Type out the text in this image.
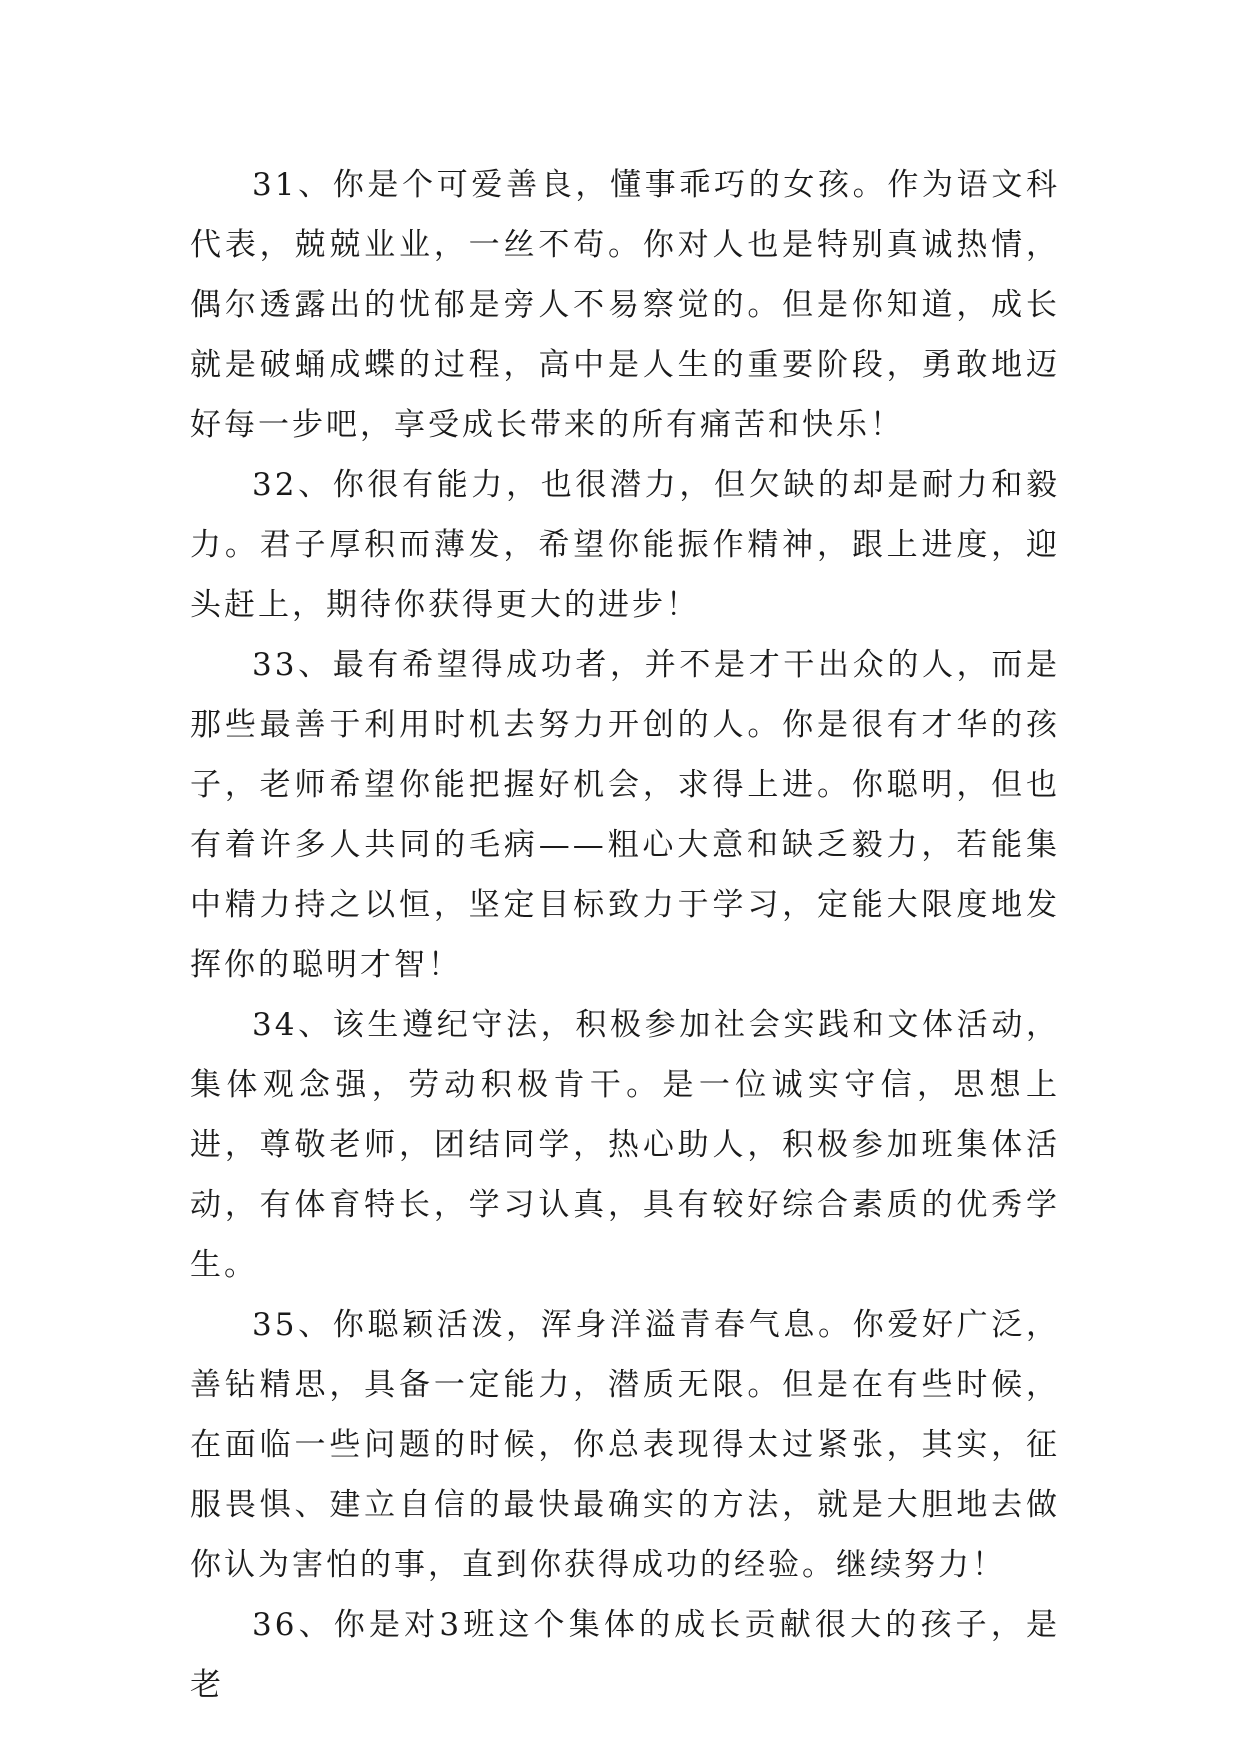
31、你是个可爱善良，懂事乖巧的女孩。作为语文科代表，兢兢业业，一丝不苟。你对人也是特别真诚热情，偶尔透露出的忧郁是旁人不易察觉的。但是你知道，成长就是破蛹成蝶的过程，高中是人生的重要阶段，勇敢地迈好每一步吧，享受成长带来的所有痛苦和快乐！

32、你很有能力，也很潜力，但欠缺的却是耐力和毅力。君子厚积而薄发，希望你能振作精神，跟上进度，迎头赶上，期待你获得更大的进步！

33、最有希望得成功者，并不是才干出众的人，而是那些最善于利用时机去努力开创的人。你是很有才华的孩子，老师希望你能把握好机会，求得上进。你聪明，但也有着许多人共同的毛病——粗心大意和缺乏毅力，若能集中精力持之以恒，坚定目标致力于学习，定能大限度地发挥你的聪明才智！

34、该生遵纪守法，积极参加社会实践和文体活动，集体观念强，劳动积极肯干。是一位诚实守信，思想上进，尊敬老师，团结同学，热心助人，积极参加班集体活动，有体育特长，学习认真，具有较好综合素质的优秀学生。

35、你聪颖活泼，浑身洋溢青春气息。你爱好广泛，善钻精思，具备一定能力，潜质无限。但是在有些时候，在面临一些问题的时候，你总表现得太过紧张，其实，征服畏惧、建立自信的最快最确实的方法，就是大胆地去做你认为害怕的事，直到你获得成功的经验。继续努力！

36、你是对3班这个集体的成长贡献很大的孩子，是老
